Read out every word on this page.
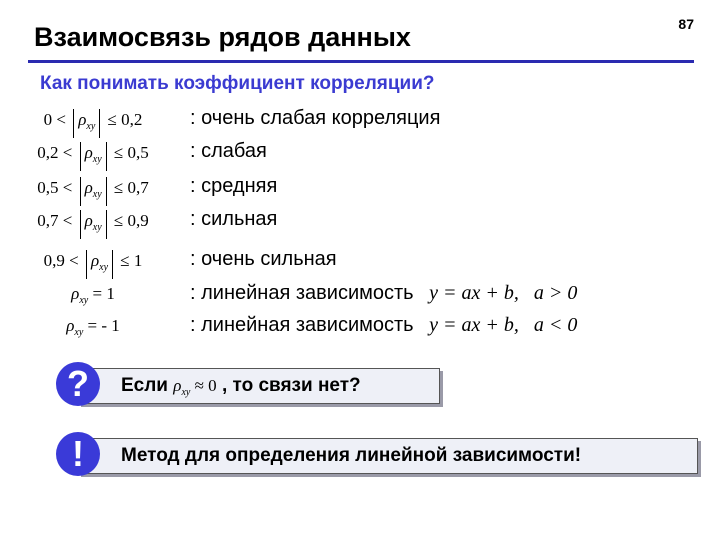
Взаимосвязь рядов данных	87
Как понимать коэффициент корреляции?
$0 < \rho_{xy} \le 0,2$	: очень слабая корреляция
$0,2 < \rho_{xy} \le 0,5$	: слабая
$0,5 < \rho_{xy} \le 0,7$	: средняя
$0,7 < \rho_{xy} \le 0,9$	: сильная
$0,9 < \rho_{xy} \le 1$	: очень сильная
$\rho_{xy} = 1$	: линейная зависимость y = ax + b, a > 0
$\rho_{xy}$ = - 1	: линейная зависимость y = ax + b, a < 0
Если $\rho_{xy} \approx 0$ , то связи нет?
?
Метод для определения линейной зависимости!
!
